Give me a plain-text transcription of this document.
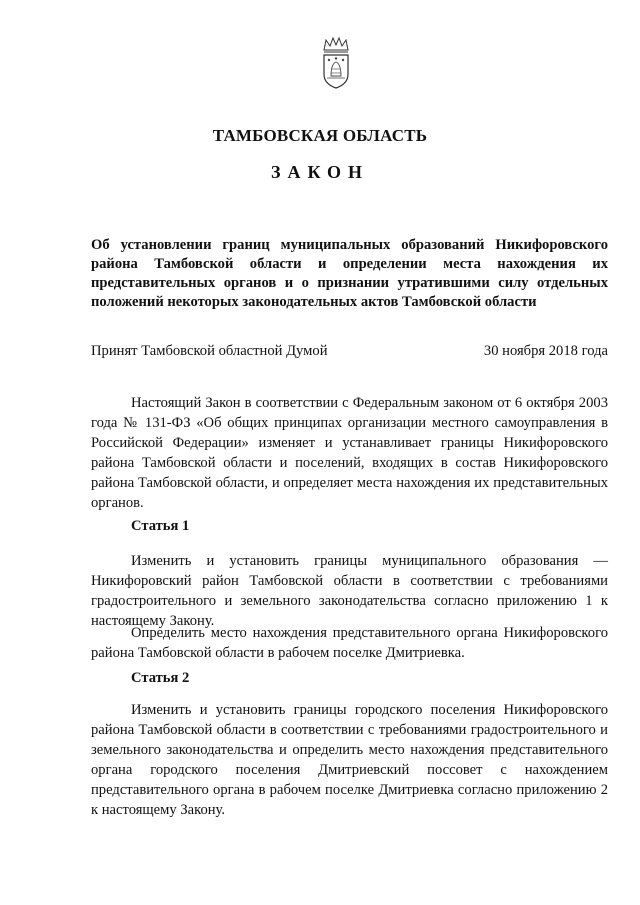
ТАМБОВСКАЯ ОБЛАСТЬ
ЗАКОН
Об установлении границ муниципальных образований Никифоровского района Тамбовской области и определении места нахождения их представительных органов и о признании утратившими силу отдельных положений некоторых законодательных актов Тамбовской области
Принят Тамбовской областной Думой	30 ноября 2018 года

Настоящий Закон в соответствии с Федеральным законом от 6 октября 2003 года № 131-ФЗ «Об общих принципах организации местного самоуправления в Российской Федерации» изменяет и устанавливает границы Никифоровского района Тамбовской области и поселений, входящих в состав Никифоровского района Тамбовской области, и определяет места нахождения их представительных органов.

Статья 1

Изменить и установить границы муниципального образования — Никифоровский район Тамбовской области в соответствии с требованиями градостроительного и земельного законодательства согласно приложению 1 к настоящему Закону.

Определить место нахождения представительного органа Никифоровского района Тамбовской области в рабочем поселке Дмитриевка.

Статья 2

Изменить и установить границы городского поселения Никифоровского района Тамбовской области в соответствии с требованиями градостроительного и земельного законодательства и определить место нахождения представительного органа городского поселения Дмитриевский поссовет с нахождением представительного органа в рабочем поселке Дмитриевка согласно приложению 2 к настоящему Закону.
